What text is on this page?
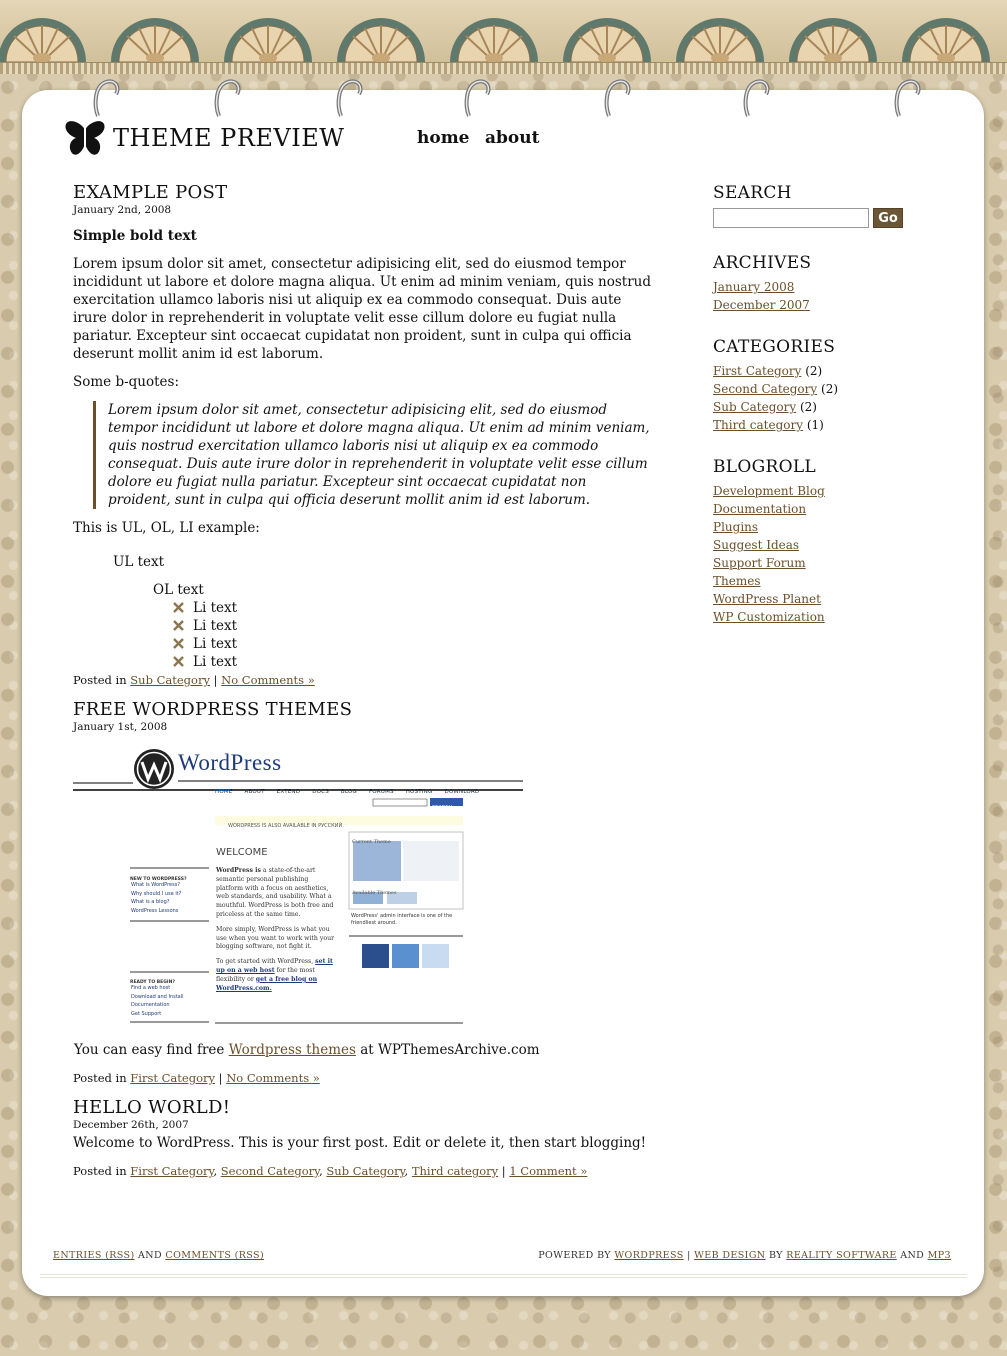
THEME PREVIEW	home about
EXAMPLE POST

January 2nd, 2008

Simple bold text

Lorem ipsum dolor sit amet, consectetur adipisicing elit, sed do eiusmod tempor incididunt ut labore et dolore magna aliqua. Ut enim ad minim veniam, quis nostrud exercitation ullamco laboris nisi ut aliquip ex ea commodo consequat. Duis aute irure dolor in reprehenderit in voluptate velit esse cillum dolore eu fugiat nulla pariatur. Excepteur sint occaecat cupidatat non proident, sunt in culpa qui officia deserunt mollit anim id est laborum.

Some b-quotes:

Lorem ipsum dolor sit amet, consectetur adipisicing elit, sed do eiusmod tempor incididunt ut labore et dolore magna aliqua. Ut enim ad minim veniam, quis nostrud exercitation ullamco laboris nisi ut aliquip ex ea commodo consequat. Duis aute irure dolor in reprehenderit in voluptate velit esse cillum dolore eu fugiat nulla pariatur. Excepteur sint occaecat cupidatat non proident, sunt in culpa qui officia deserunt mollit anim id est laborum.

This is UL, OL, LI example:

UL text
OL text
Li text
Li text
Li text
Li text

Posted in Sub Category | No Comments »

FREE WORDPRESS THEMES

January 1st, 2008

WordPress
HOME ABOUT EXTEND DOCS BLOG FORUMS HOSTING DOWNLOAD
SEARCH »
WORDPRESS IS ALSO AVAILABLE IN РУССКИЙ.
WELCOME
NEW TO WORDPRESS?
What is WordPress?
Why should I use it?
What is a blog?
WordPress Lessons
READY TO BEGIN?
Find a web host
Download and Install
Documentation
Get Support
WordPress is a state-of-the-art semantic personal publishing platform with a focus on aesthetics, web standards, and usability. What a mouthful. WordPress is both free and priceless at the same time.
More simply, WordPress is what you use when you want to work with your blogging software, not fight it.
To get started with WordPress, set it up on a web host for the most flexibility or get a free blog on WordPress.com.
Current Theme
Available Themes
WordPress' admin interface is one of the friendliest around.

You can easy find free Wordpress themes at WPThemesArchive.com

Posted in First Category | No Comments »

HELLO WORLD!

December 26th, 2007

Welcome to WordPress. This is your first post. Edit or delete it, then start blogging!

Posted in First Category, Second Category, Sub Category, Third category | 1 Comment »

SEARCH
Go
ARCHIVES
January 2008
December 2007
CATEGORIES
First Category (2)
Second Category (2)
Sub Category (2)
Third category (1)
BLOGROLL
Development Blog
Documentation
Plugins
Suggest Ideas
Support Forum
Themes
WordPress Planet
WP Customization
ENTRIES (RSS) AND COMMENTS (RSS)	POWERED BY WORDPRESS | WEB DESIGN BY REALITY SOFTWARE AND MP3
